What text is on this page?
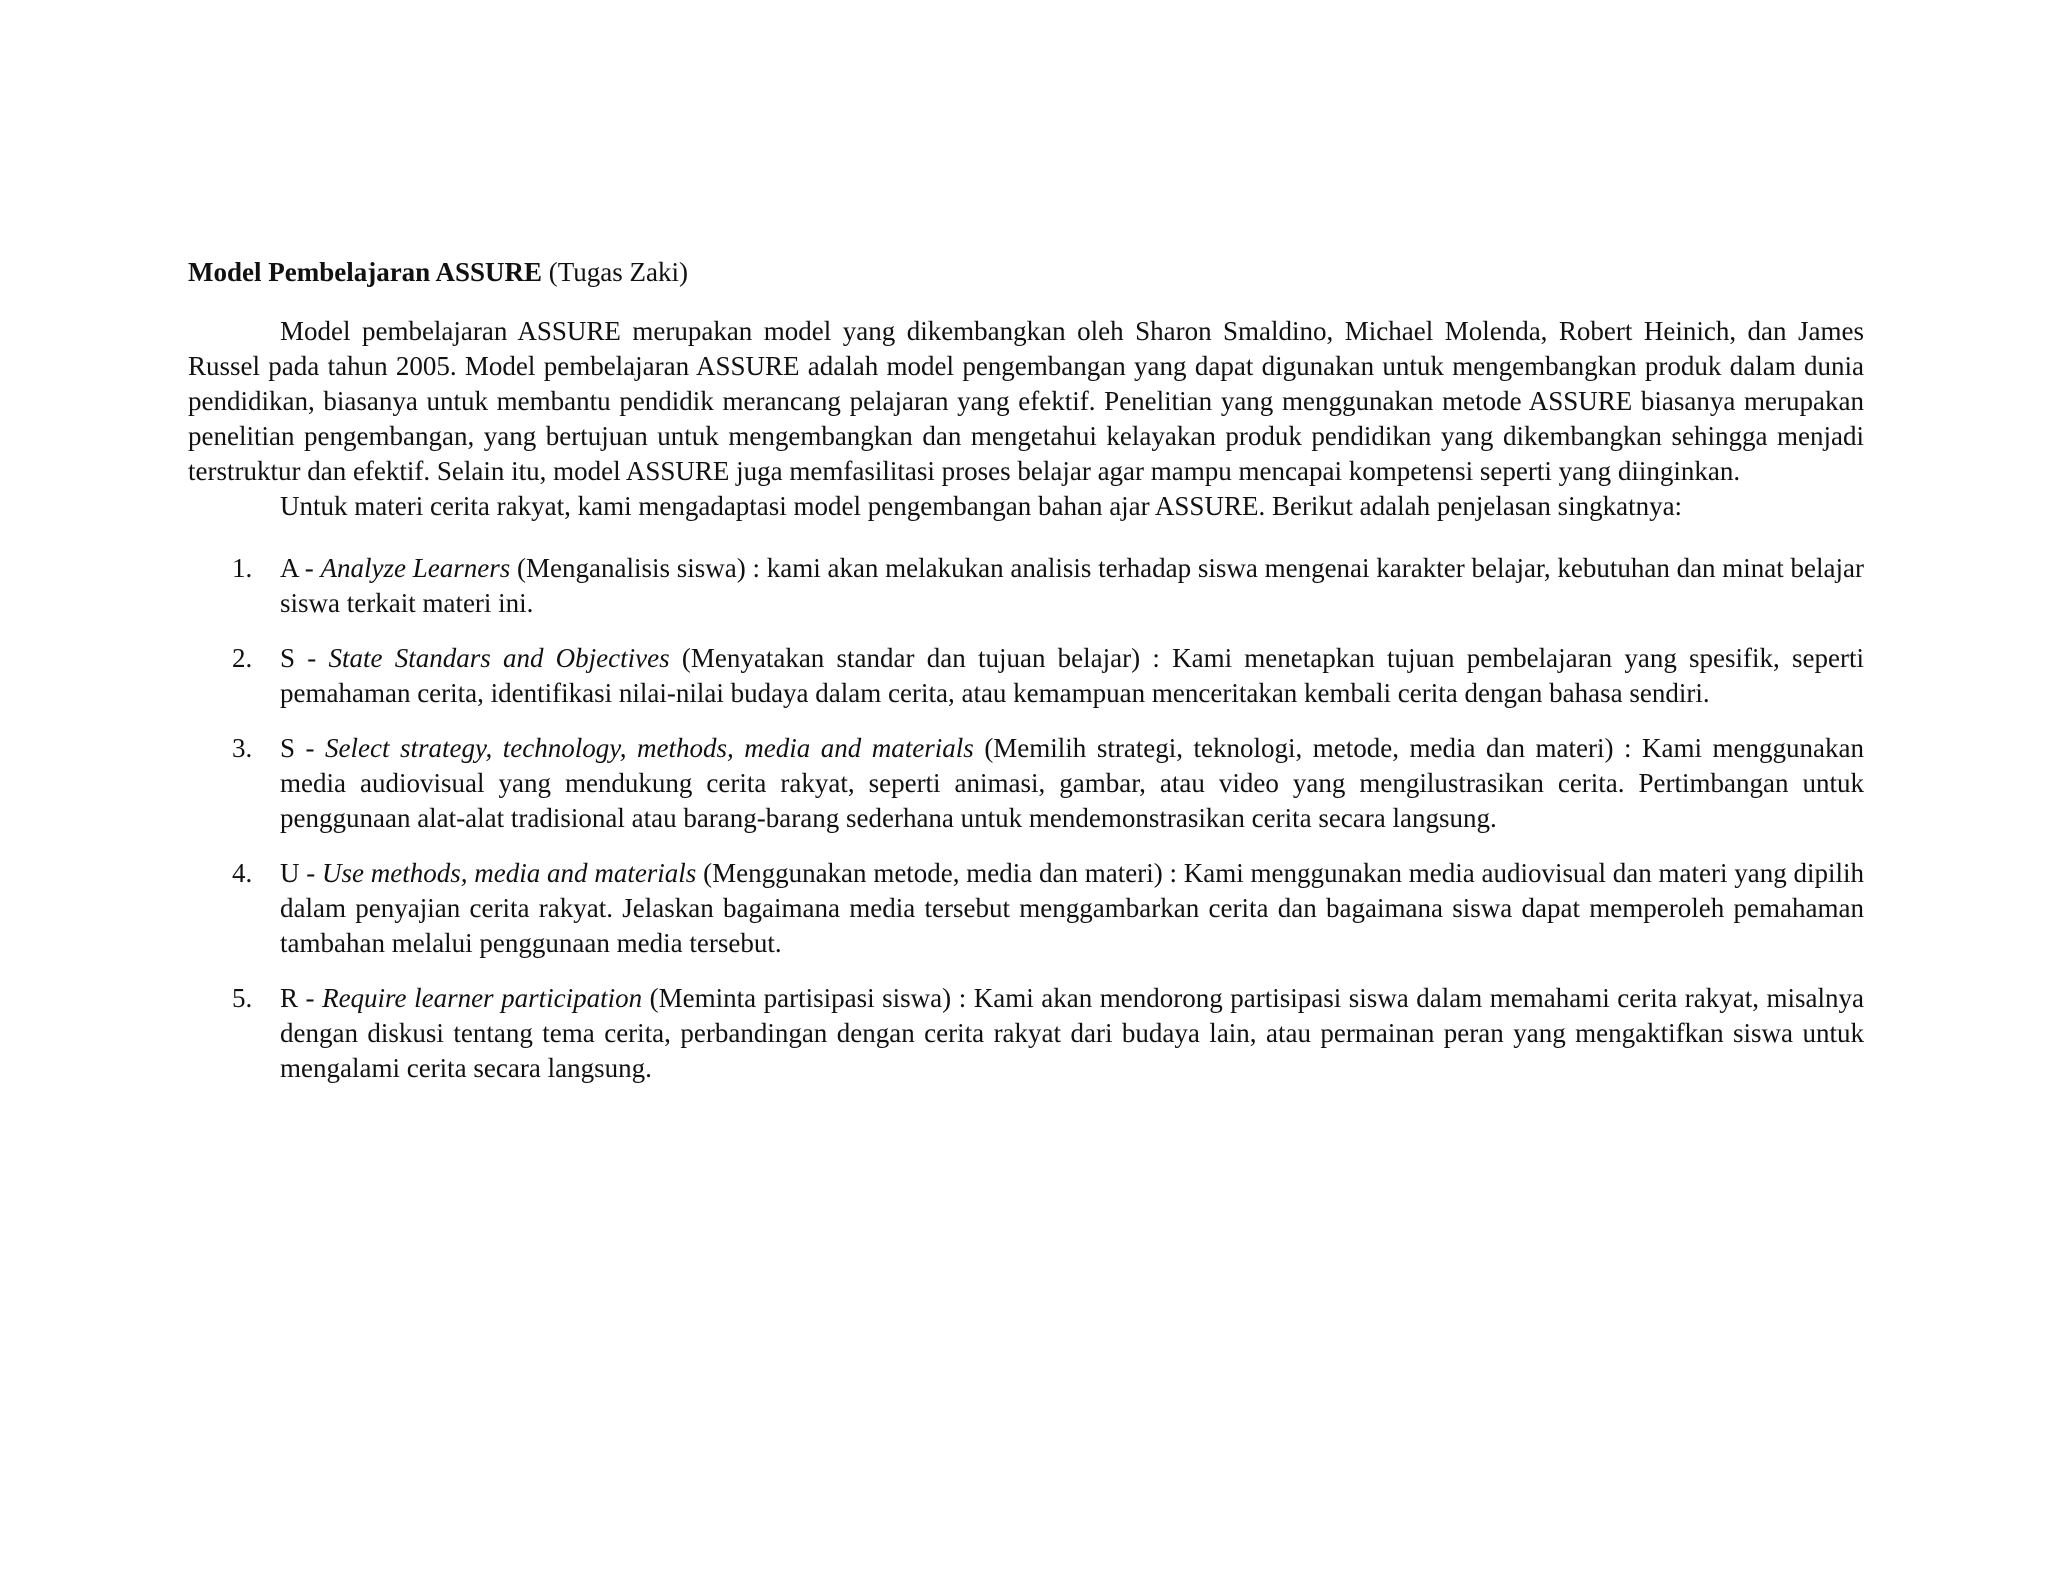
Model Pembelajaran ASSURE (Tugas Zaki)

Model pembelajaran ASSURE merupakan model yang dikembangkan oleh Sharon Smaldino, Michael Molenda, Robert Heinich, dan James Russel pada tahun 2005. Model pembelajaran ASSURE adalah model pengembangan yang dapat digunakan untuk mengembangkan produk dalam dunia pendidikan, biasanya untuk membantu pendidik merancang pelajaran yang efektif. Penelitian yang menggunakan metode ASSURE biasanya merupakan penelitian pengembangan, yang bertujuan untuk mengembangkan dan mengetahui kelayakan produk pendidikan yang dikembangkan sehingga menjadi terstruktur dan efektif. Selain itu, model ASSURE juga memfasilitasi proses belajar agar mampu mencapai kompetensi seperti yang diinginkan.

Untuk materi cerita rakyat, kami mengadaptasi model pengembangan bahan ajar ASSURE. Berikut adalah penjelasan singkatnya:

1. A - Analyze Learners (Menganalisis siswa) : kami akan melakukan analisis terhadap siswa mengenai karakter belajar, kebutuhan dan minat belajar siswa terkait materi ini.
2. S - State Standars and Objectives (Menyatakan standar dan tujuan belajar) : Kami menetapkan tujuan pembelajaran yang spesifik, seperti pemahaman cerita, identifikasi nilai-nilai budaya dalam cerita, atau kemampuan menceritakan kembali cerita dengan bahasa sendiri.
3. S - Select strategy, technology, methods, media and materials (Memilih strategi, teknologi, metode, media dan materi) : Kami menggunakan media audiovisual yang mendukung cerita rakyat, seperti animasi, gambar, atau video yang mengilustrasikan cerita. Pertimbangan untuk penggunaan alat-alat tradisional atau barang-barang sederhana untuk mendemonstrasikan cerita secara langsung.
4. U - Use methods, media and materials (Menggunakan metode, media dan materi) : Kami menggunakan media audiovisual dan materi yang dipilih dalam penyajian cerita rakyat. Jelaskan bagaimana media tersebut menggambarkan cerita dan bagaimana siswa dapat memperoleh pemahaman tambahan melalui penggunaan media tersebut.
5. R - Require learner participation (Meminta partisipasi siswa) : Kami akan mendorong partisipasi siswa dalam memahami cerita rakyat, misalnya dengan diskusi tentang tema cerita, perbandingan dengan cerita rakyat dari budaya lain, atau permainan peran yang mengaktifkan siswa untuk mengalami cerita secara langsung.
